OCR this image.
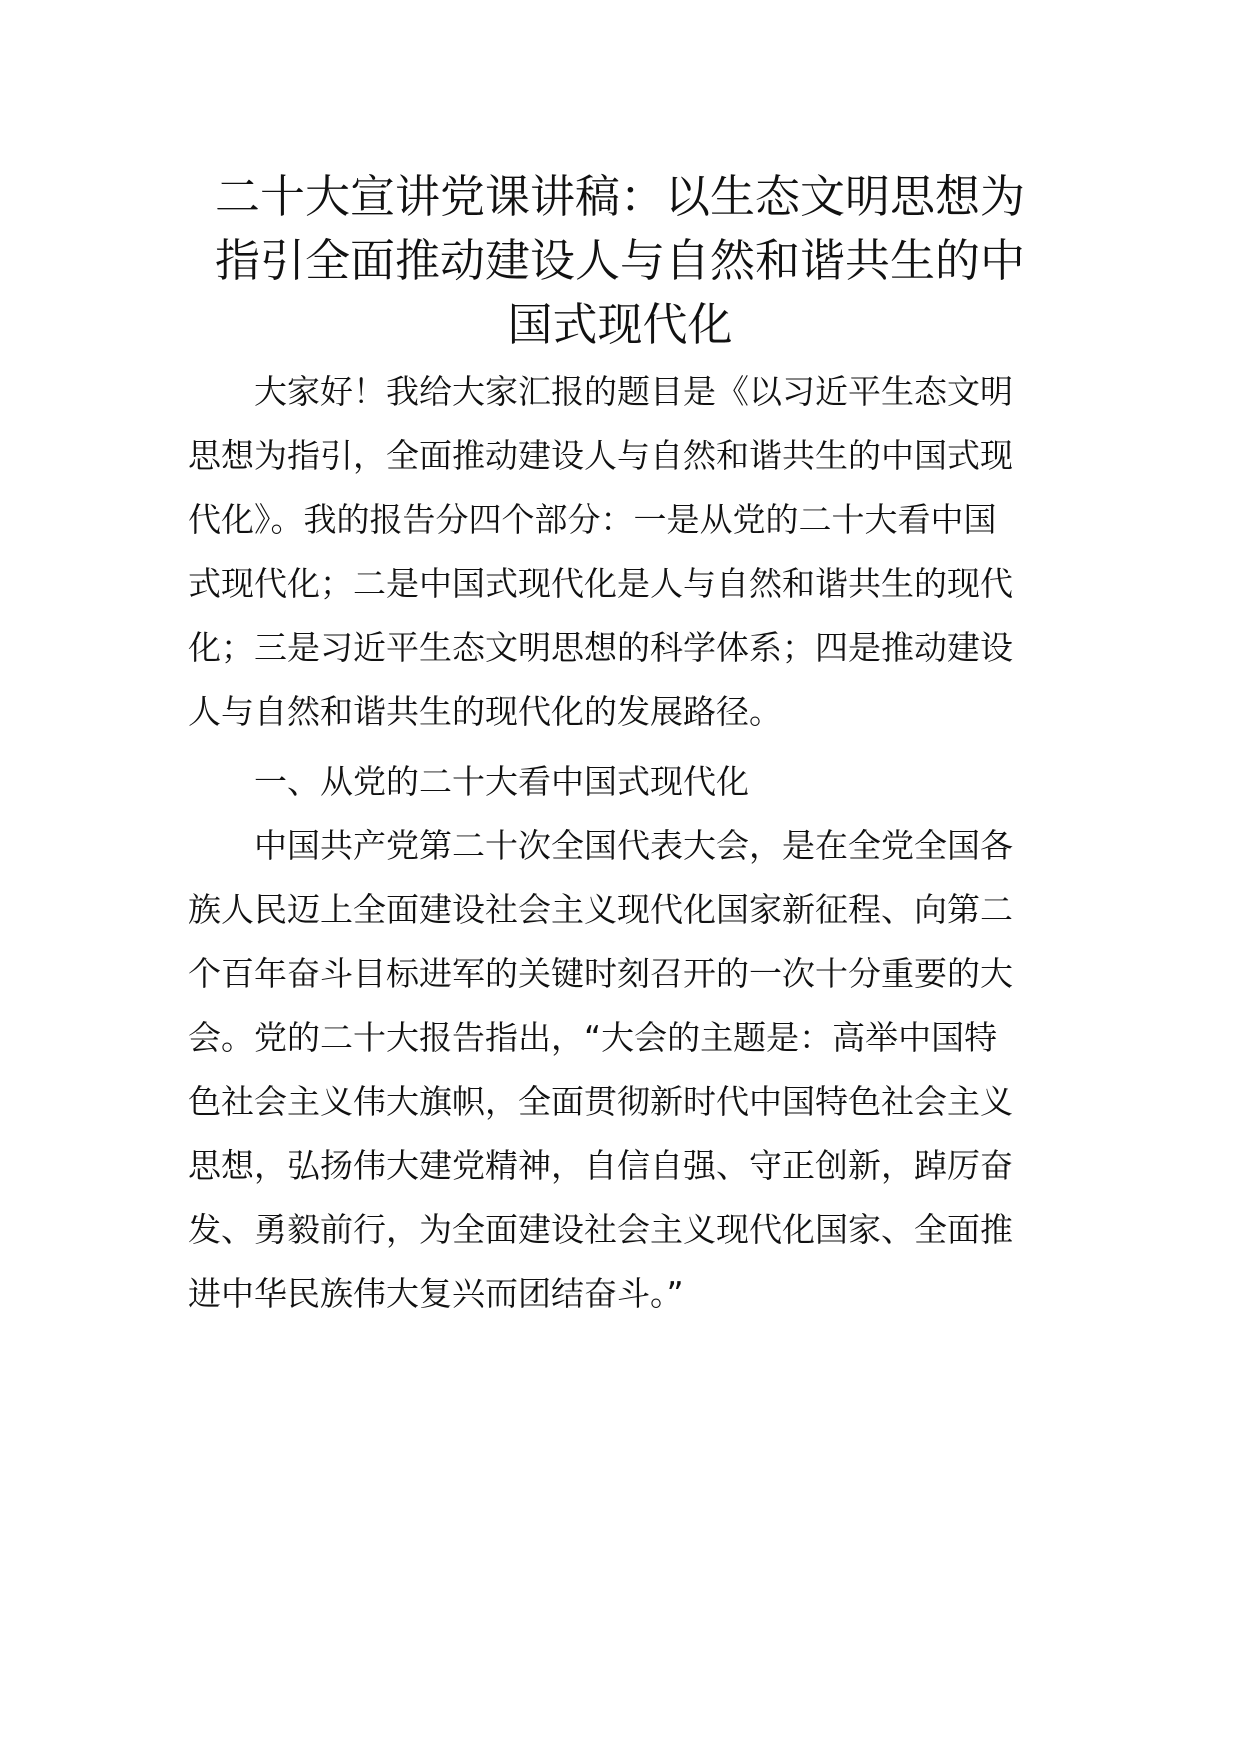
二十大宣讲党课讲稿：以生态文明思想为
指引全面推动建设人与自然和谐共生的中
国式现代化

　　大家好！我给大家汇报的题目是《以习近平生态文明
思想为指引，全面推动建设人与自然和谐共生的中国式现
代化》。我的报告分四个部分：一是从党的二十大看中国
式现代化；二是中国式现代化是人与自然和谐共生的现代
化；三是习近平生态文明思想的科学体系；四是推动建设
人与自然和谐共生的现代化的发展路径。

　　一、从党的二十大看中国式现代化

　　中国共产党第二十次全国代表大会，是在全党全国各
族人民迈上全面建设社会主义现代化国家新征程、向第二
个百年奋斗目标进军的关键时刻召开的一次十分重要的大
会。党的二十大报告指出，“大会的主题是：高举中国特
色社会主义伟大旗帜，全面贯彻新时代中国特色社会主义
思想，弘扬伟大建党精神，自信自强、守正创新，踔厉奋
发、勇毅前行，为全面建设社会主义现代化国家、全面推
进中华民族伟大复兴而团结奋斗。”
